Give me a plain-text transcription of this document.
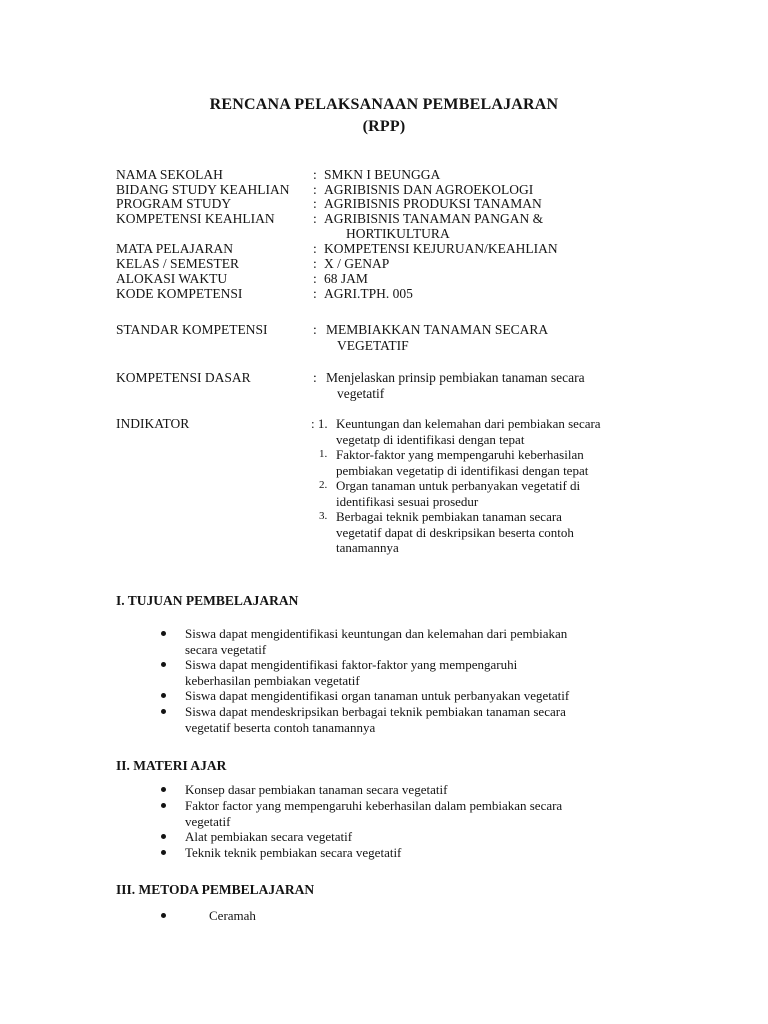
RENCANA PELAKSANAAN PEMBELAJARAN
(RPP)
NAMA SEKOLAH	: SMKN I BEUNGGA
BIDANG STUDY KEAHLIAN	: AGRIBISNIS DAN AGROEKOLOGI
PROGRAM STUDY	: AGRIBISNIS PRODUKSI TANAMAN
KOMPETENSI KEAHLIAN	: AGRIBISNIS TANAMAN PANGAN &
HORTIKULTURA
MATA PELAJARAN	: KOMPETENSI KEJURUAN/KEAHLIAN
KELAS / SEMESTER	: X / GENAP
ALOKASI WAKTU	: 68 JAM
KODE KOMPETENSI	: AGRI.TPH. 005
STANDAR KOMPETENSI	: MEMBIAKKAN TANAMAN SECARA
VEGETATIF
KOMPETENSI DASAR	: Menjelaskan prinsip pembiakan tanaman secara
vegetatif
INDIKATOR	: 1. Keuntungan dan kelemahan dari pembiakan secara
vegetatp di identifikasi dengan tepat
1. Faktor-faktor yang mempengaruhi keberhasilan
pembiakan vegetatip di identifikasi dengan tepat
2. Organ tanaman untuk perbanyakan vegetatif di
identifikasi sesuai prosedur
3. Berbagai teknik pembiakan tanaman secara
vegetatif dapat di deskripsikan beserta contoh
tanamannya
I. TUJUAN PEMBELAJARAN
Siswa dapat mengidentifikasi keuntungan dan kelemahan dari pembiakan
secara vegetatif
Siswa dapat mengidentifikasi faktor-faktor yang mempengaruhi
keberhasilan pembiakan vegetatif
Siswa dapat mengidentifikasi organ tanaman untuk perbanyakan vegetatif
Siswa dapat mendeskripsikan berbagai teknik pembiakan tanaman secara
vegetatif beserta contoh tanamannya
II. MATERI AJAR
Konsep dasar pembiakan tanaman secara vegetatif
Faktor factor yang mempengaruhi keberhasilan dalam pembiakan secara
vegetatif
Alat pembiakan secara vegetatif
Teknik teknik pembiakan secara vegetatif
III. METODA PEMBELAJARAN
Ceramah
